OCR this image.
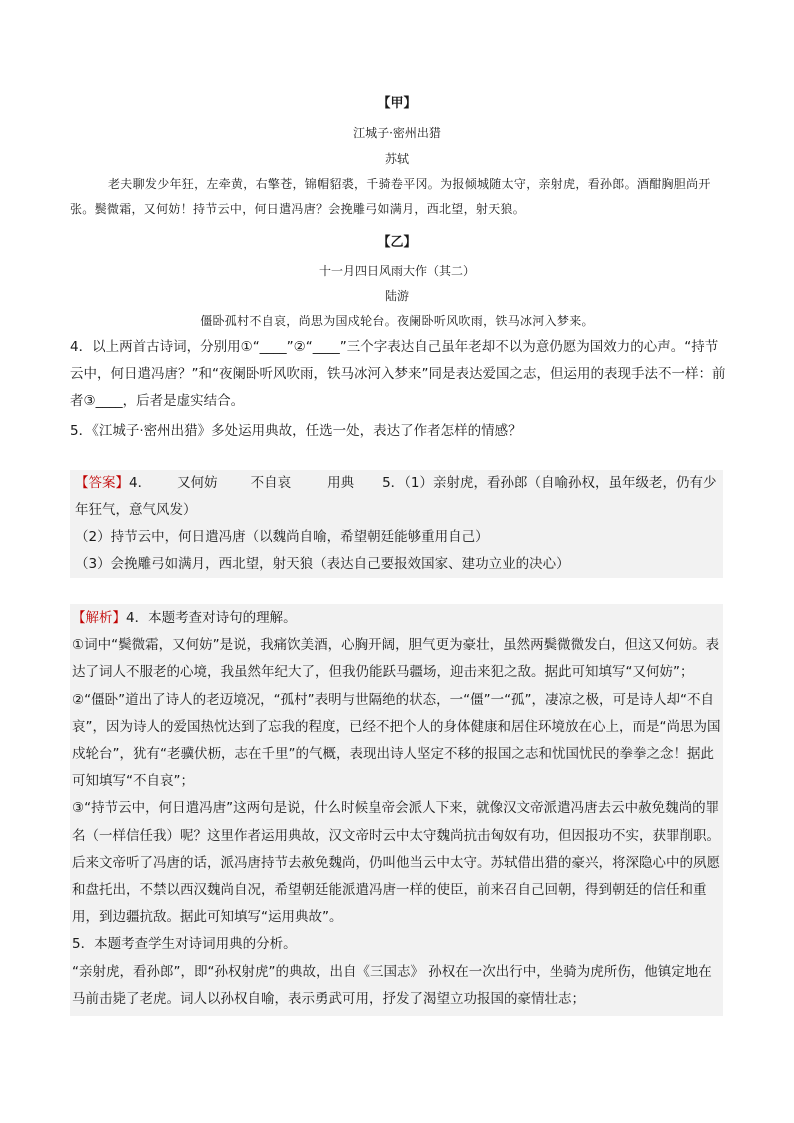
【甲】
江城子·密州出猎
苏轼
老夫聊发少年狂，左牵黄，右擎苍，锦帽貂裘，千骑卷平冈。为报倾城随太守，亲射虎，看孙郎。酒酣胸胆尚开张。鬓微霜，又何妨！持节云中，何日遣冯唐？会挽雕弓如满月，西北望，射天狼。
【乙】
十一月四日风雨大作（其二）
陆游
僵卧孤村不自哀，尚思为国戍轮台。夜阑卧听风吹雨，铁马冰河入梦来。
4．以上两首古诗词，分别用①“____”②“____”三个字表达自己虽年老却不以为意仍愿为国效力的心声。“持节云中，何日遣冯唐？”和“夜阑卧听风吹雨，铁马冰河入梦来”同是表达爱国之志，但运用的表现手法不一样：前者③____，后者是虚实结合。
5．《江城子·密州出猎》多处运用典故，任选一处，表达了作者怎样的情感？
【答案】4． 又何妨 不自哀	用典 5．（1）亲射虎，看孙郎（自喻孙权，虽年级老，仍有少年狂气，意气风发）
（2）持节云中，何日遣冯唐（以魏尚自喻，希望朝廷能够重用自己）
（3）会挽雕弓如满月，西北望，射天狼（表达自己要报效国家、建功立业的决心）

【解析】4．本题考查对诗句的理解。

①词中“鬓微霜，又何妨”是说，我痛饮美酒，心胸开阔，胆气更为豪壮，虽然两鬓微微发白，但这又何妨。表达了词人不服老的心境，我虽然年纪大了，但我仍能跃马疆场，迎击来犯之敌。据此可知填写“又何妨”；

②“僵卧”道出了诗人的老迈境况，“孤村”表明与世隔绝的状态，一“僵”一“孤”，凄凉之极，可是诗人却“不自哀”，因为诗人的爱国热忱达到了忘我的程度，已经不把个人的身体健康和居住环境放在心上，而是“尚思为国戍轮台”，犹有“老骥伏枥，志在千里”的气概，表现出诗人坚定不移的报国之志和忧国忧民的拳拳之念！据此可知填写“不自哀”；

③“持节云中，何日遣冯唐”这两句是说，什么时候皇帝会派人下来，就像汉文帝派遣冯唐去云中赦免魏尚的罪名（一样信任我）呢？这里作者运用典故，汉文帝时云中太守魏尚抗击匈奴有功，但因报功不实，获罪削职。后来文帝听了冯唐的话，派冯唐持节去赦免魏尚，仍叫他当云中太守。苏轼借出猎的豪兴，将深隐心中的夙愿和盘托出，不禁以西汉魏尚自况，希望朝廷能派遣冯唐一样的使臣，前来召自己回朝，得到朝廷的信任和重用，到边疆抗敌。据此可知填写“运用典故”。

5．本题考查学生对诗词用典的分析。

“亲射虎，看孙郎”，即“孙权射虎”的典故，出自《三国志》 孙权在一次出行中，坐骑为虎所伤，他镇定地在马前击毙了老虎。词人以孙权自喻，表示勇武可用，抒发了渴望立功报国的豪情壮志；
